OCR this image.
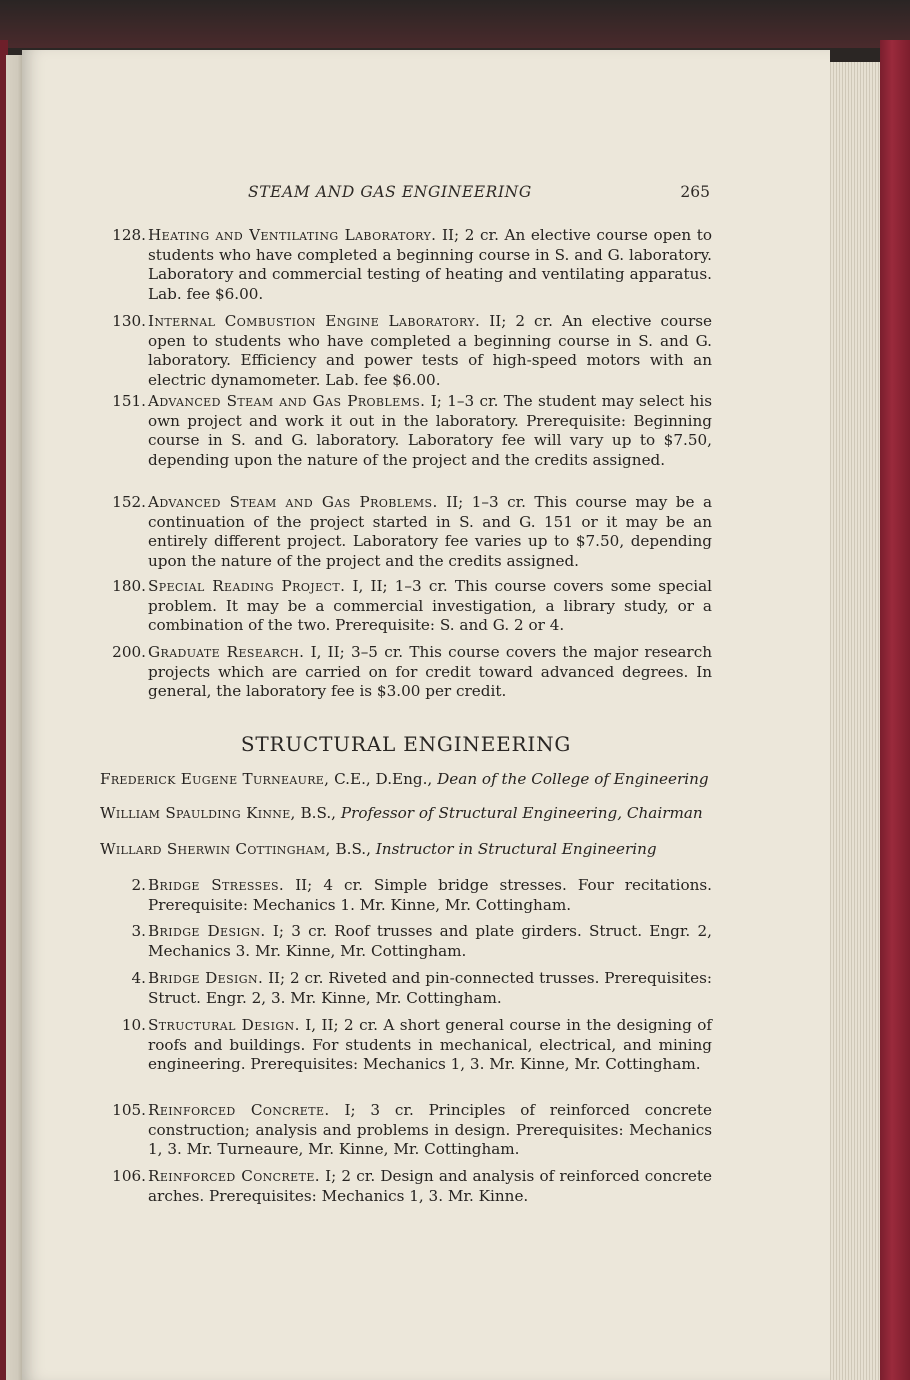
STEAM AND GAS ENGINEERING	265
128. Heating and Ventilating Laboratory. II; 2 cr. An elective course open to students who have completed a beginning course in S. and G. laboratory. Laboratory and commercial testing of heating and ventilating apparatus. Lab. fee $6.00.
130. Internal Combustion Engine Laboratory. II; 2 cr. An elective course open to students who have completed a beginning course in S. and G. laboratory. Efficiency and power tests of high-speed motors with an electric dynamometer. Lab. fee $6.00.
151. Advanced Steam and Gas Problems. I; 1–3 cr. The student may select his own project and work it out in the laboratory. Prerequisite: Beginning course in S. and G. laboratory. Laboratory fee will vary up to $7.50, depending upon the nature of the project and the credits assigned.
152. Advanced Steam and Gas Problems. II; 1–3 cr. This course may be a continuation of the project started in S. and G. 151 or it may be an entirely different project. Laboratory fee varies up to $7.50, depending upon the nature of the project and the credits assigned.
180. Special Reading Project. I, II; 1–3 cr. This course covers some special problem. It may be a commercial investigation, a library study, or a combination of the two. Prerequisite: S. and G. 2 or 4.
200. Graduate Research. I, II; 3–5 cr. This course covers the major research projects which are carried on for credit toward advanced degrees. In general, the laboratory fee is $3.00 per credit.
STRUCTURAL ENGINEERING
Frederick Eugene Turneaure, C.E., D.Eng., Dean of the College of Engineering
William Spaulding Kinne, B.S., Professor of Structural Engineering, Chairman
Willard Sherwin Cottingham, B.S., Instructor in Structural Engineering
2. Bridge Stresses. II; 4 cr. Simple bridge stresses. Four recitations. Prerequisite: Mechanics 1. Mr. Kinne, Mr. Cottingham.
3. Bridge Design. I; 3 cr. Roof trusses and plate girders. Struct. Engr. 2, Mechanics 3. Mr. Kinne, Mr. Cottingham.
4. Bridge Design. II; 2 cr. Riveted and pin-connected trusses. Prerequisites: Struct. Engr. 2, 3. Mr. Kinne, Mr. Cottingham.
10. Structural Design. I, II; 2 cr. A short general course in the designing of roofs and buildings. For students in mechanical, electrical, and mining engineering. Prerequisites: Mechanics 1, 3. Mr. Kinne, Mr. Cottingham.
105. Reinforced Concrete. I; 3 cr. Principles of reinforced concrete construction; analysis and problems in design. Prerequisites: Mechanics 1, 3. Mr. Turneaure, Mr. Kinne, Mr. Cottingham.
106. Reinforced Concrete. I; 2 cr. Design and analysis of reinforced concrete arches. Prerequisites: Mechanics 1, 3. Mr. Kinne.
